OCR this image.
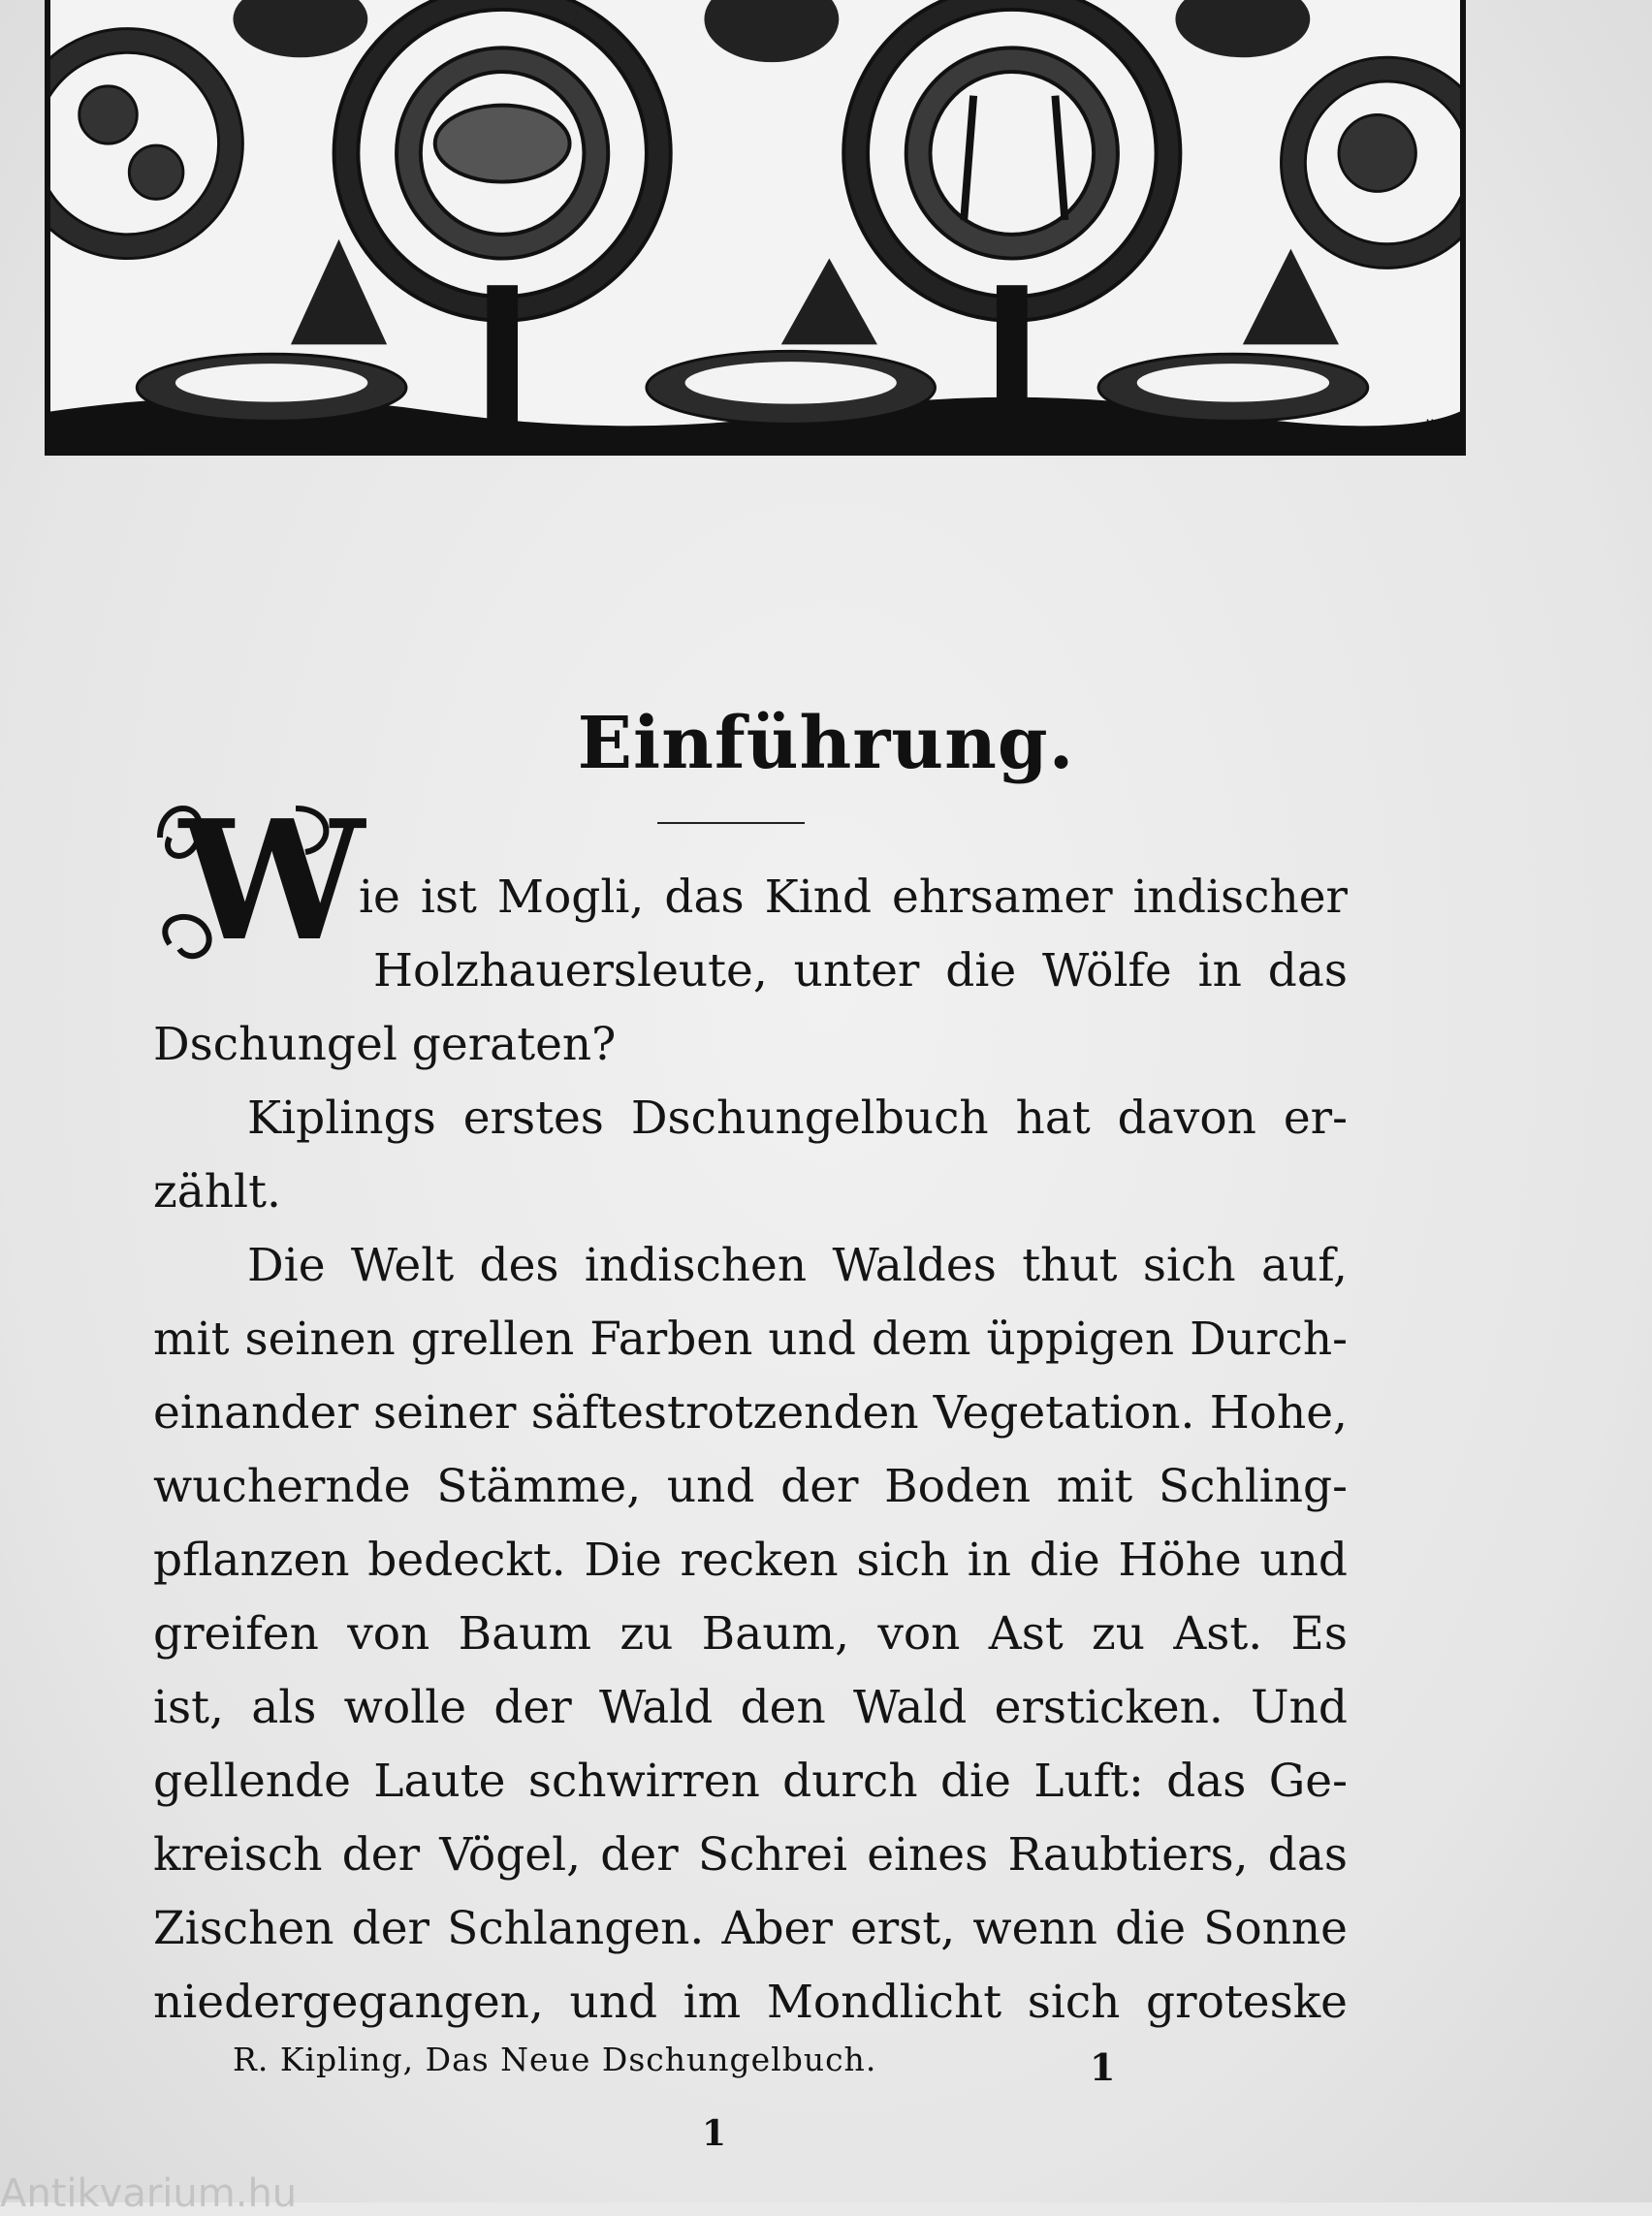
JLK
Einführung.
W
ie ist Mogli, das Kind ehrsamer indischer
Holzhauersleute, unter die Wölfe in das
Dschungel geraten?
Kiplings erstes Dschungelbuch hat davon er-
zählt.
Die Welt des indischen Waldes thut sich auf,
mit seinen grellen Farben und dem üppigen Durch-
einander seiner säftestrotzenden Vegetation. Hohe,
wuchernde Stämme, und der Boden mit Schling-
pflanzen bedeckt. Die recken sich in die Höhe und
greifen von Baum zu Baum, von Ast zu Ast. Es
ist, als wolle der Wald den Wald ersticken. Und
gellende Laute schwirren durch die Luft: das Ge-
kreisch der Vögel, der Schrei eines Raubtiers, das
Zischen der Schlangen. Aber erst, wenn die Sonne
niedergegangen, und im Mondlicht sich groteske
R. Kipling, Das Neue Dschungelbuch.	1
1
Antikvarium.hu
